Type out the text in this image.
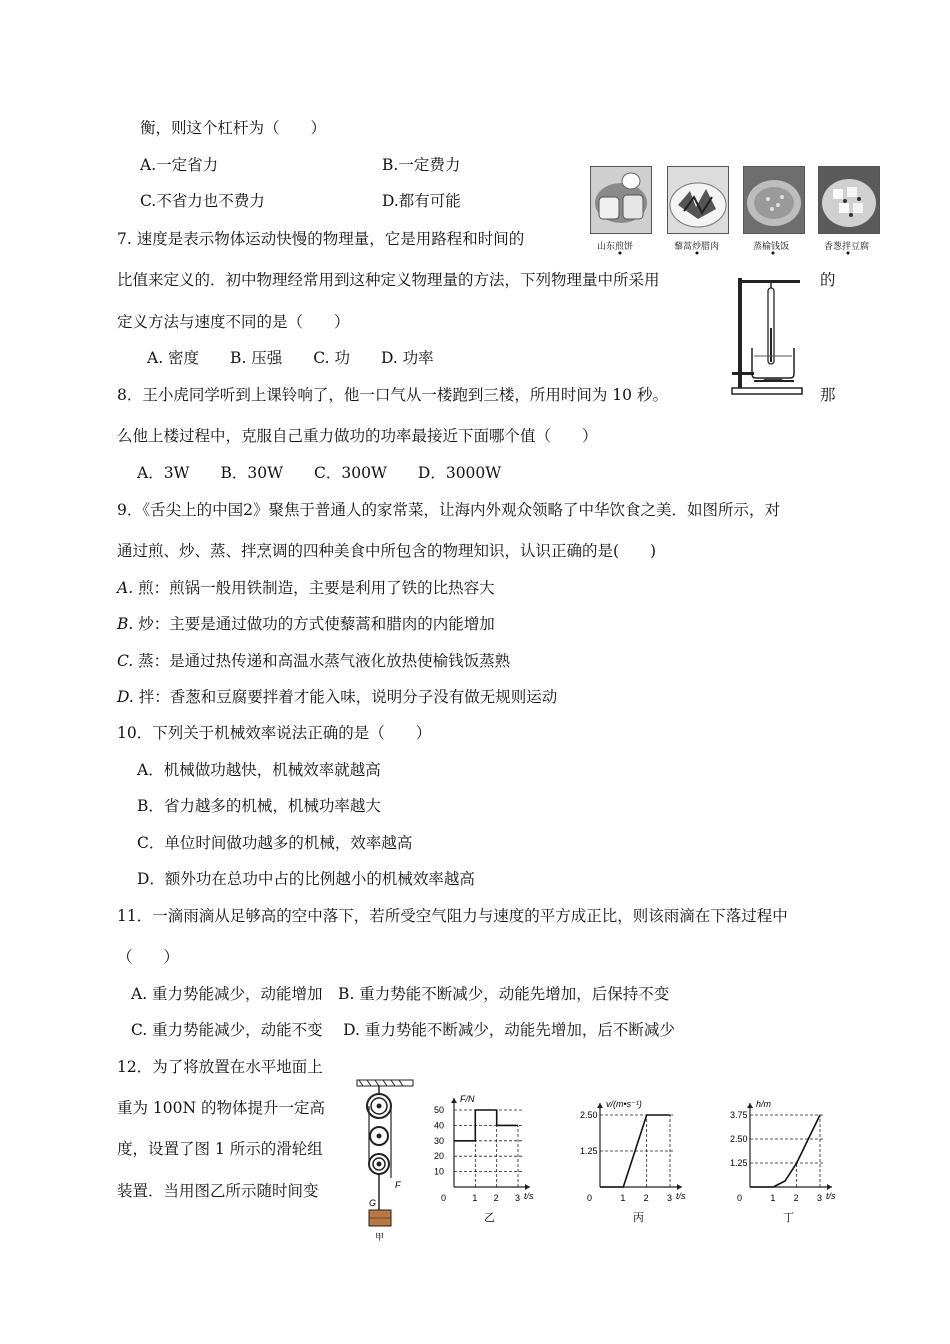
衡，则这个杠杆为（　　）
A.一定省力	B.一定费力
C.不省力也不费力	D.都有可能
山东煎饼	藜蒿炒腊肉	蒸榆钱饭	香葱拌豆腐
7. 速度是表示物体运动快慢的物理量，它是用路程和时间的
比值来定义的．初中物理经常用到这种定义物理量的方法，下列物理量中所采用	的
定义方法与速度不同的是（　　）
A. 密度　　B. 压强　　C. 功　　D. 功率
8．王小虎同学听到上课铃响了，他一口气从一楼跑到三楼，所用时间为 10 秒。	那
么他上楼过程中，克服自己重力做功的功率最接近下面哪个值（　　）
A．3W　　B．30W　　C．300W　　D．3000W
9．《舌尖上的中国2》聚焦于普通人的家常菜，让海内外观众领略了中华饮食之美．如图所示，对
通过煎、炒、蒸、拌烹调的四种美食中所包含的物理知识，认识正确的是(　　)
A. 煎：煎锅一般用铁制造，主要是利用了铁的比热容大
B. 炒：主要是通过做功的方式使藜蒿和腊肉的内能增加
C. 蒸：是通过热传递和高温水蒸气液化放热使榆钱饭蒸熟
D. 拌：香葱和豆腐要拌着才能入味，说明分子没有做无规则运动
10．下列关于机械效率说法正确的是（　　）
A．机械做功越快，机械效率就越高
B．省力越多的机械，机械功率越大
C．单位时间做功越多的机械，效率越高
D．额外功在总功中占的比例越小的机械效率越高
11．一滴雨滴从足够高的空中落下，若所受空气阻力与速度的平方成正比，则该雨滴在下落过程中
（　　）
A. 重力势能减少，动能增加　B. 重力势能不断减少，动能先增加，后保持不变
C. 重力势能减少，动能不变　 D. 重力势能不断减少，动能先增加，后不断减少
12．为了将放置在水平地面上
重为 100N 的物体提升一定高
度，设置了图 1 所示的滑轮组
装置．当用图乙所示随时间变	F
G
甲
F/N
t/s
0	1 2 3
50
40
30
20
10
乙
v/(m•s⁻¹)
t/s
0	1 2 3
2.50
1.25
丙
h/m
t/s
0	1 2 3
3.75
2.50
1.25
丁
